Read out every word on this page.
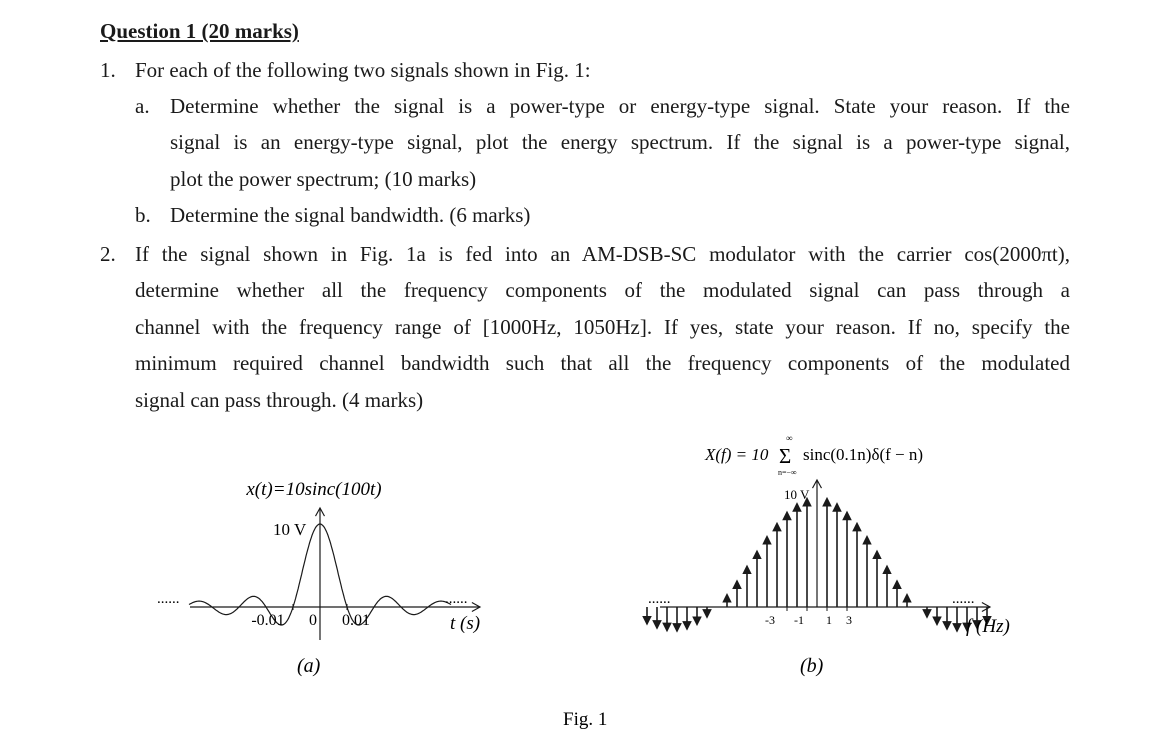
Question 1 (20 marks)
1. For each of the following two signals shown in Fig. 1:
a. Determine whether the signal is a power-type or energy-type signal. State your reason. If the
signal is an energy-type signal, plot the energy spectrum. If the signal is a power-type signal,
plot the power spectrum; (10 marks)
b. Determine the signal bandwidth. (6 marks)
2. If the signal shown in Fig. 1a is fed into an AM-DSB-SC modulator with the carrier cos(2000πt),
determine whether all the frequency components of the modulated signal can pass through a
channel with the frequency range of [1000Hz, 1050Hz]. If yes, state your reason. If no, specify the
minimum required channel bandwidth such that all the frequency components of the modulated
signal can pass through. (4 marks)
x(t)=10sinc(100t)
10 V
......	......
-0.01 0 0.01	t (s)
(a)
X(f) = 10 Σ
∞
n=−∞
sinc(0.1n)δ(f − n)
10 V
......	......
-3 -1 1 3	f (Hz)
(b)
Fig. 1
